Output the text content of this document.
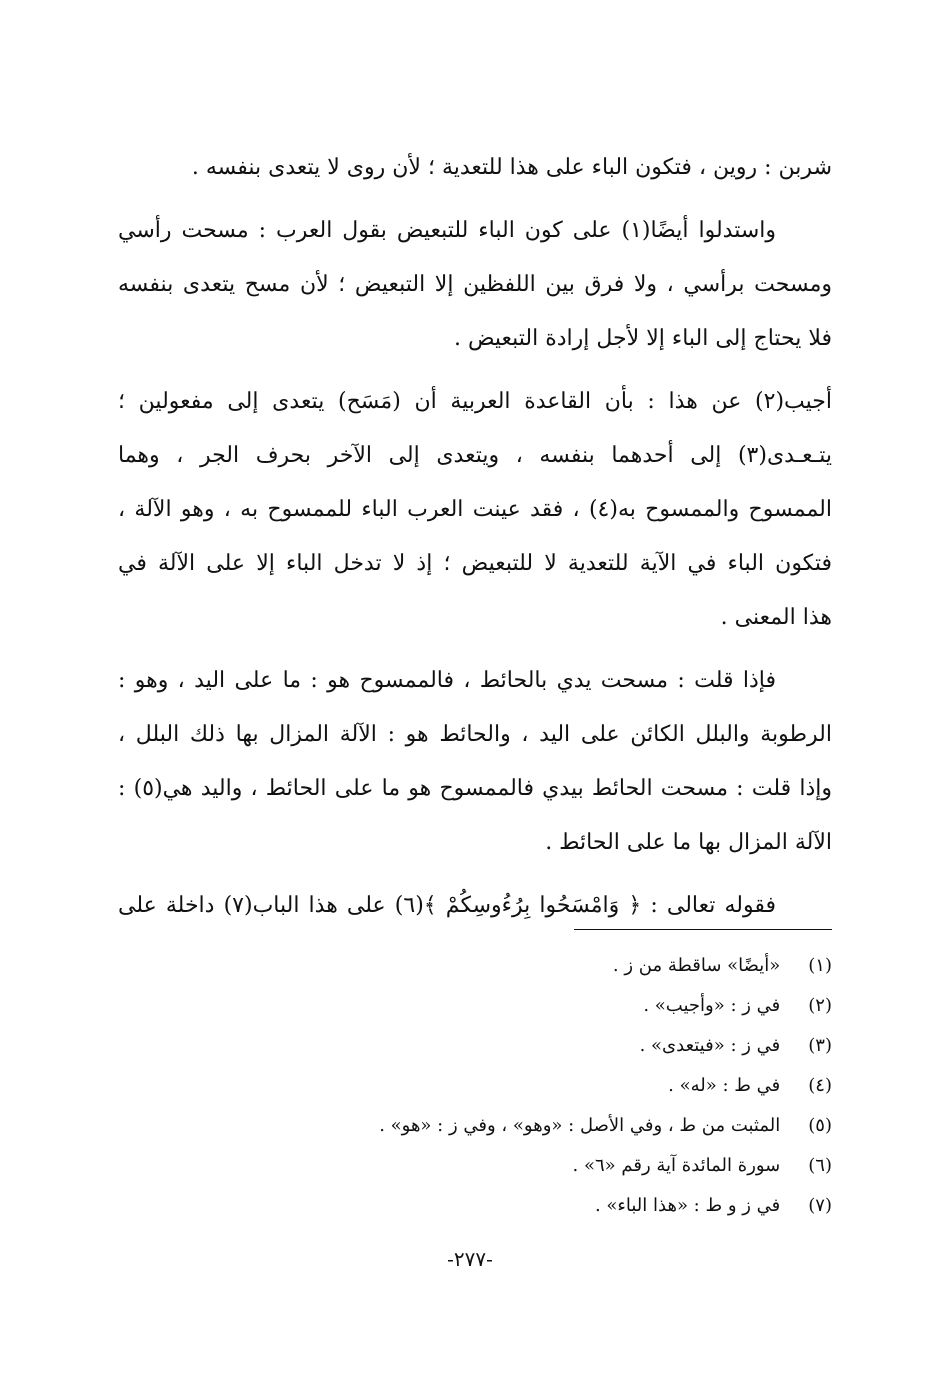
شربن : روين ، فتكون الباء على هذا للتعدية ؛ لأن روى لا يتعدى بنفسه .
واستدلوا أيضًا(١) على كون الباء للتبعيض بقول العرب : مسحت رأسي
ومسحت برأسي ، ولا فرق بين اللفظين إلا التبعيض ؛ لأن مسح يتعدى بنفسه
فلا يحتاج إلى الباء إلا لأجل إرادة التبعيض .
أجيب(٢) عن هذا : بأن القاعدة العربية أن (مَسَح) يتعدى إلى مفعولين ؛
يتـعـدى(٣) إلى أحدهما بنفسه ، ويتعدى إلى الآخر بحرف الجر ، وهما
الممسوح والممسوح به(٤) ، فقد عينت العرب الباء للممسوح به ، وهو الآلة ،
فتكون الباء في الآية للتعدية لا للتبعيض ؛ إذ لا تدخل الباء إلا على الآلة في
هذا المعنى .
فإذا قلت : مسحت يدي بالحائط ، فالممسوح هو : ما على اليد ، وهو :
الرطوبة والبلل الكائن على اليد ، والحائط هو : الآلة المزال بها ذلك البلل ،
وإذا قلت : مسحت الحائط بيدي فالممسوح هو ما على الحائط ، واليد هي(٥) :
الآلة المزال بها ما على الحائط .
فقوله تعالى : ﴿ وَامْسَحُوا بِرُءُوسِكُمْ ﴾(٦) على هذا الباب(٧) داخلة على
(١) «أيضًا» ساقطة من ز .
(٢) في ز : «وأجيب» .
(٣) في ز : «فيتعدى» .
(٤) في ط : «له» .
(٥) المثبت من ط ، وفي الأصل : «وهو» ، وفي ز : «هو» .
(٦) سورة المائدة آية رقم «٦» .
(٧) في ز و ط : «هذا الباء» .
-٢٧٧-
